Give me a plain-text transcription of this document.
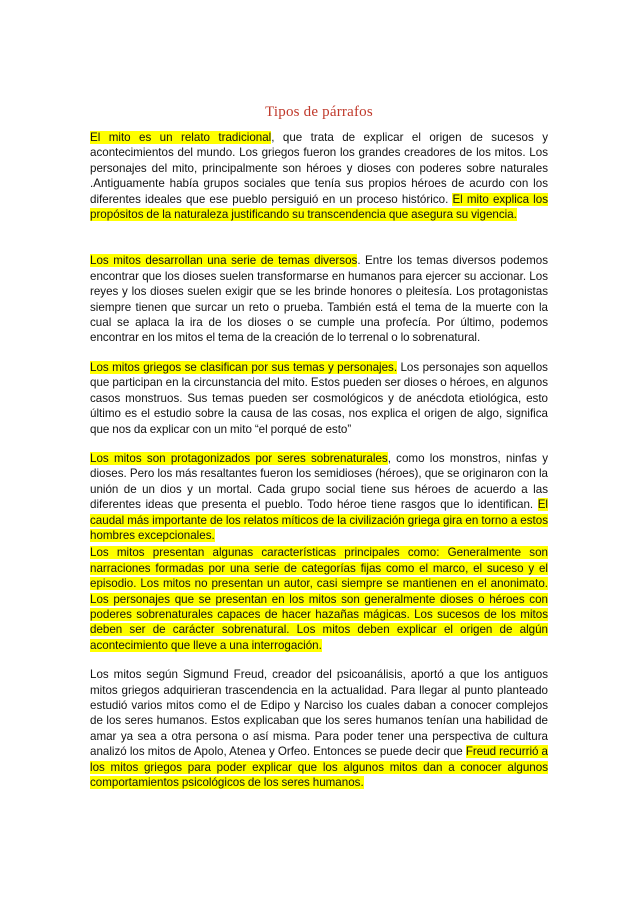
Tipos de párrafos

El mito es un relato tradicional, que trata de explicar el origen de sucesos y acontecimientos del mundo. Los griegos fueron los grandes creadores de los mitos. Los personajes del mito, principalmente son héroes y dioses con poderes sobre naturales .Antiguamente había grupos sociales que tenía sus propios héroes de acurdo con los diferentes ideales que ese pueblo persiguió en un proceso histórico. El mito explica los propósitos de la naturaleza justificando su transcendencia que asegura su vigencia.

Los mitos desarrollan una serie de temas diversos. Entre los temas diversos podemos encontrar que los dioses suelen transformarse en humanos para ejercer su accionar. Los reyes y los dioses suelen exigir que se les brinde honores o pleitesía. Los protagonistas siempre tienen que surcar un reto o prueba. También está el tema de la muerte con la cual se aplaca la ira de los dioses o se cumple una profecía. Por último, podemos encontrar en los mitos el tema de la creación de lo terrenal o lo sobrenatural.

Los mitos griegos se clasifican por sus temas y personajes. Los personajes son aquellos que participan en la circunstancia del mito. Estos pueden ser dioses o héroes, en algunos casos monstruos. Sus temas pueden ser cosmológicos y de anécdota etiológica, esto último es el estudio sobre la causa de las cosas, nos explica el origen de algo, significa que nos da explicar con un mito “el porqué de esto”

Los mitos son protagonizados por seres sobrenaturales, como los monstros, ninfas y dioses. Pero los más resaltantes fueron los semidioses (héroes), que se originaron con la unión de un dios y un mortal. Cada grupo social tiene sus héroes de acuerdo a las diferentes ideas que presenta el pueblo. Todo héroe tiene rasgos que lo identifican. El caudal más importante de los relatos míticos de la civilización griega gira en torno a estos hombres excepcionales.

Los mitos presentan algunas características principales como: Generalmente son narraciones formadas por una serie de categorías fijas como el marco, el suceso y el episodio. Los mitos no presentan un autor, casi siempre se mantienen en el anonimato. Los personajes que se presentan en los mitos son generalmente dioses o héroes con poderes sobrenaturales capaces de hacer hazañas mágicas. Los sucesos de los mitos deben ser de carácter sobrenatural. Los mitos deben explicar el origen de algún acontecimiento que lleve a una interrogación.

Los mitos según Sigmund Freud, creador del psicoanálisis, aportó a que los antiguos mitos griegos adquirieran trascendencia en la actualidad. Para llegar al punto planteado estudió varios mitos como el de Edipo y Narciso los cuales daban a conocer complejos de los seres humanos. Estos explicaban que los seres humanos tenían una habilidad de amar ya sea a otra persona o así misma. Para poder tener una perspectiva de cultura analizó los mitos de Apolo, Atenea y Orfeo. Entonces se puede decir que Freud recurrió a los mitos griegos para poder explicar que los algunos mitos dan a conocer algunos comportamientos psicológicos de los seres humanos.
